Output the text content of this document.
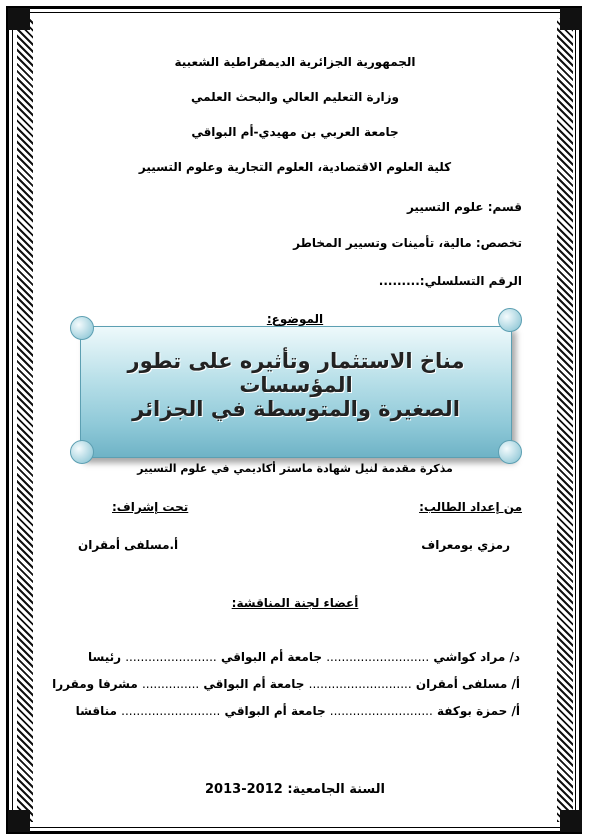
الجمهورية الجزائرية الديمقراطية الشعبية
وزارة التعليم العالي والبحث العلمي
جامعة العربي بن مهيدي-أم البواقي
كلية العلوم الاقتصادية، العلوم التجارية وعلوم التسيير
قسم: علوم التسيير
تخصص: مالية، تأمينات وتسيير المخاطر
الرقم التسلسلي:.........
الموضوع:
مناخ الاستثمار وتأثيره على تطور المؤسسات
الصغيرة والمتوسطة في الجزائر
مذكرة مقدمة لنيل شهادة ماستر أكاديمي في علوم التسيير
من إعداد الطالب:
تحت إشراف:
رمزي بومعراف
أ.مسلفى أمقران
أعضاء لجنة المناقشة:
د/ مراد كواشي ........................... جامعة أم البواقي ........................ رئيسا
أ/ مسلفى أمقران ........................... جامعة أم البواقي ............... مشرفا ومقررا
أ/ حمزة بوكفة ........................... جامعة أم البواقي .......................... مناقشا
السنة الجامعية: 2012-2013
